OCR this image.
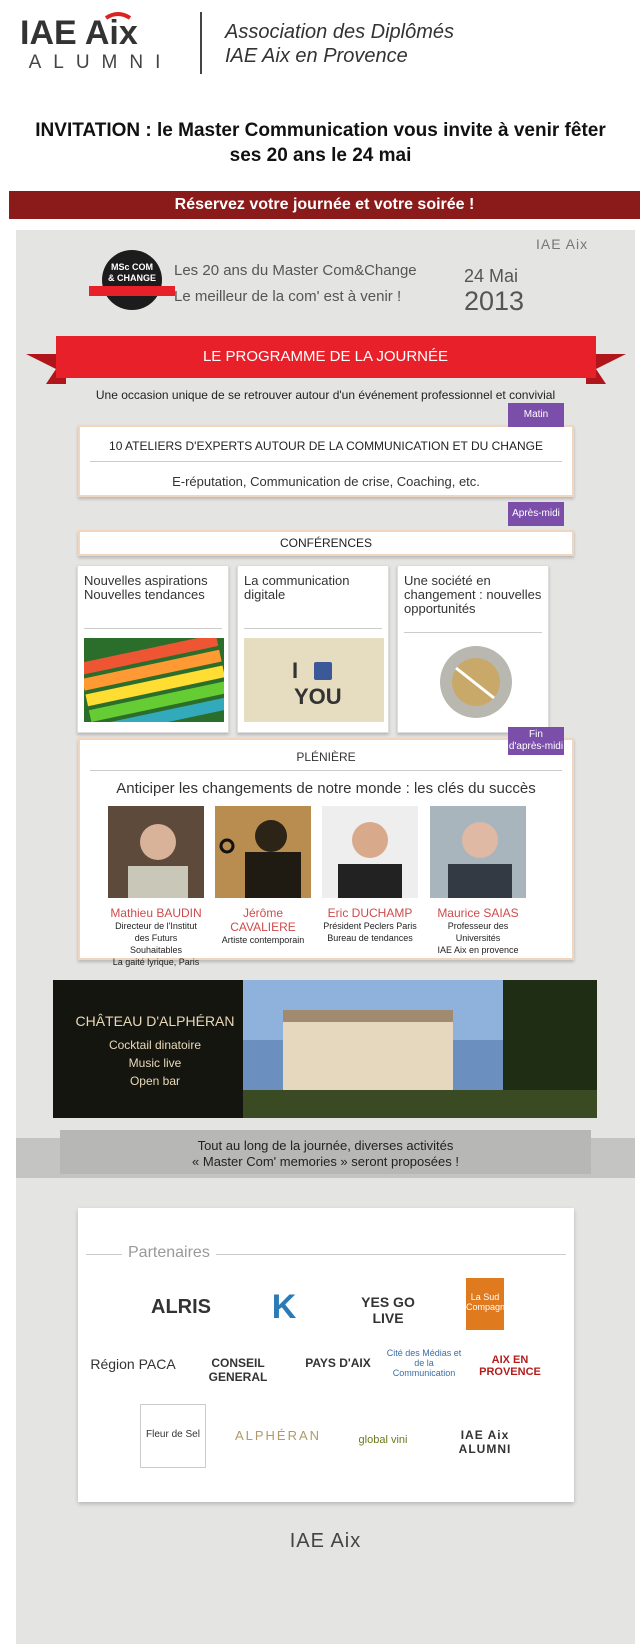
IAE Aix
ALUMNI
Association des Diplômés
IAE Aix en Provence
INVITATION : le Master Communication vous invite à venir fêter
ses 20 ans le 24 mai
Réservez votre journée et votre soirée !
MSc COM
& CHANGE Les 20 ans du Master Com&Change
Le meilleur de la com' est à venir !
24 Mai
2013
IAE Aix
LE PROGRAMME DE LA JOURNÉE
Une occasion unique de se retrouver autour d'un événement professionnel et convivial
10 ATELIERS D'EXPERTS AUTOUR DE LA COMMUNICATION ET DU CHANGE
E-réputation, Communication de crise, Coaching, etc.
Matin
CONFÉRENCES
Après-midi
Nouvelles aspirations
Nouvelles tendances
La communication
digitale
I
YOU
Une société en
changement : nouvelles
opportunités
PLÉNIÈRE
Anticiper les changements de notre monde : les clés du succès
Mathieu BAUDIN
Directeur de l'Institut
des Futurs Souhaitables
La gaité lyrique, Paris
Jérôme CAVALIERE
Artiste contemporain
Eric DUCHAMP
Président Peclers Paris
Bureau de tendances
Maurice SAIAS
Professeur des Universités
IAE Aix en provence
Fin
d'après-midi
CHÂTEAU D'ALPHÉRAN
Cocktail dinatoire
Music live
Open bar
Tout au long de la journée, diverses activités
« Master Com' memories » seront proposées !
Partenaires
ALRIS	K	YES GO LIVE
La Sud Compagnie
Région PACA	CONSEIL GENERAL
PAYS D'AIX
Cité des Médias et de la Communication
AIX EN PROVENCE
Fleur de Sel	ALPHÉRAN	global vini	IAE Aix ALUMNI
IAE Aix
